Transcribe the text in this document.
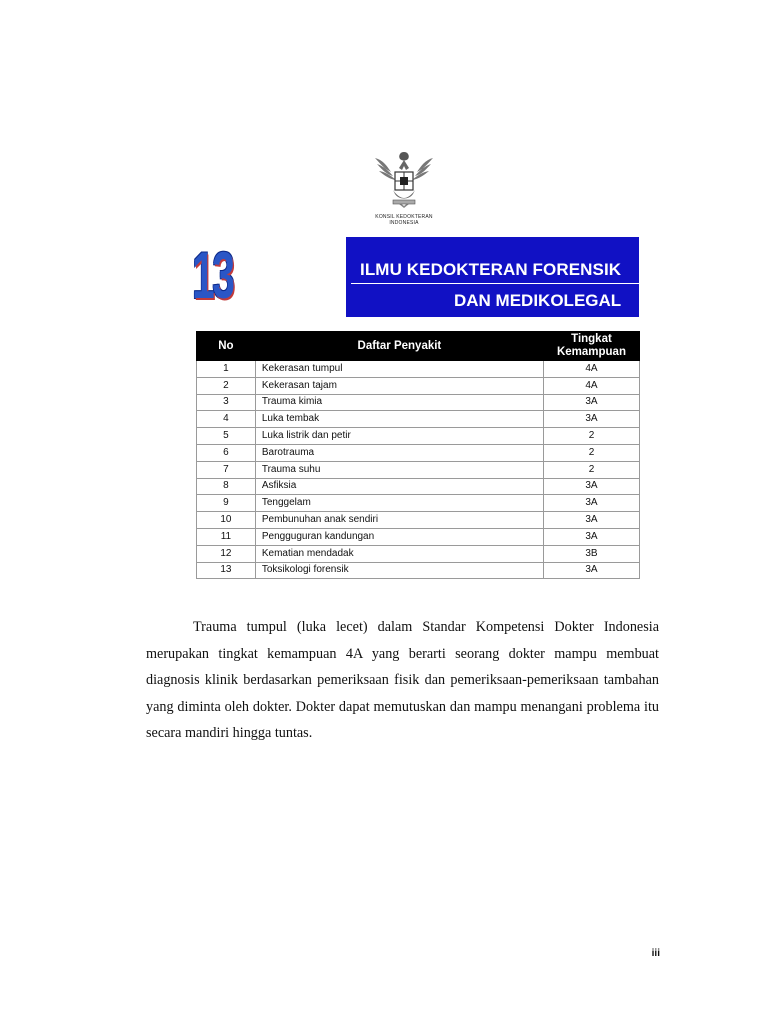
KONSIL KEDOKTERAN
INDONESIA
13	ILMU KEDOKTERAN FORENSIK
DAN MEDIKOLEGAL
No	Daftar Penyakit	Tingkat
Kemampuan

1	Kekerasan tumpul	4A
2	Kekerasan tajam	4A
3	Trauma kimia	3A
4	Luka tembak	3A
5	Luka listrik dan petir	2
6	Barotrauma	2
7	Trauma suhu	2
8	Asfiksia	3A
9	Tenggelam	3A
10	Pembunuhan anak sendiri	3A
11	Pengguguran kandungan	3A
12	Kematian mendadak	3B
13	Toksikologi forensik	3A
Trauma tumpul (luka lecet) dalam Standar Kompetensi Dokter Indonesia merupakan tingkat kemampuan 4A yang berarti seorang dokter mampu membuat diagnosis klinik berdasarkan pemeriksaan fisik dan pemeriksaan-pemeriksaan tambahan yang diminta oleh dokter. Dokter dapat memutuskan dan mampu menangani problema itu secara mandiri hingga tuntas.
iii
